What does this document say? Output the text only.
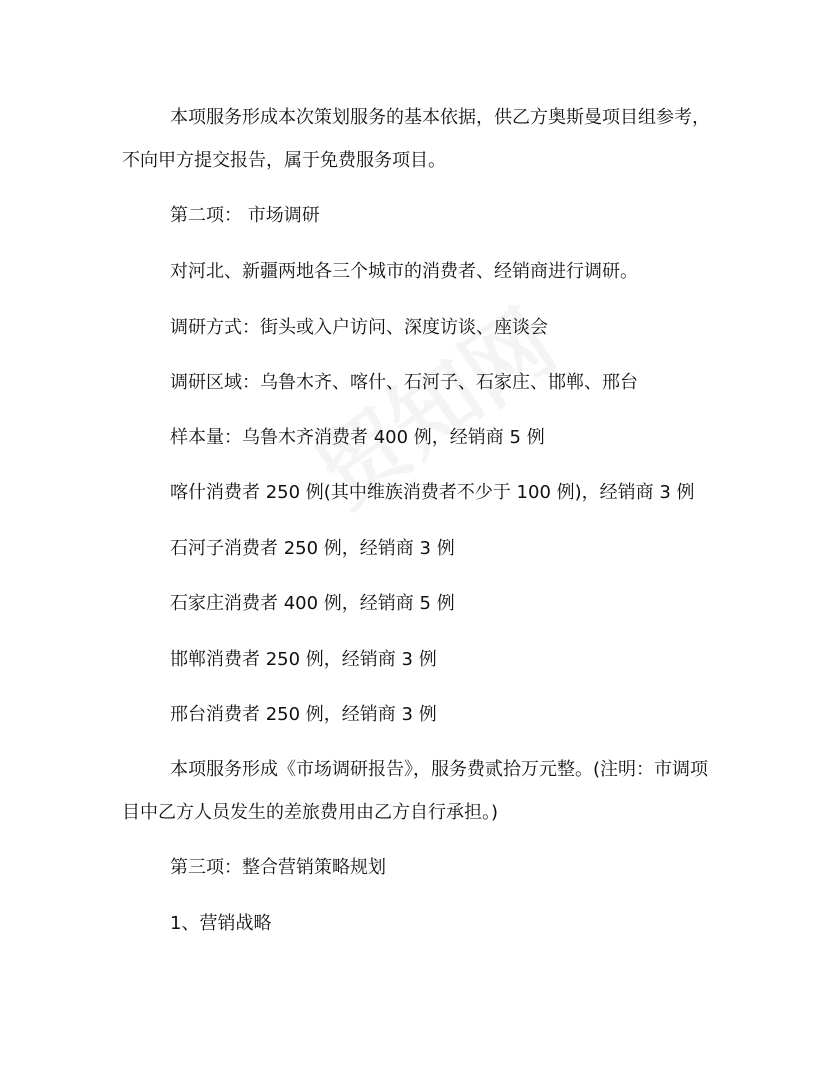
本项服务形成本次策划服务的基本依据，供乙方奥斯曼项目组参考，不向甲方提交报告，属于免费服务项目。

第二项： 市场调研

对河北、新疆两地各三个城市的消费者、经销商进行调研。

调研方式：街头或入户访问、深度访谈、座谈会

调研区域：乌鲁木齐、喀什、石河子、石家庄、邯郸、邢台

样本量：乌鲁木齐消费者 400 例，经销商 5 例

喀什消费者 250 例(其中维族消费者不少于 100 例)，经销商 3 例

石河子消费者 250 例，经销商 3 例

石家庄消费者 400 例，经销商 5 例

邯郸消费者 250 例，经销商 3 例

邢台消费者 250 例，经销商 3 例

本项服务形成《市场调研报告》，服务费贰拾万元整。(注明：市调项目中乙方人员发生的差旅费用由乙方自行承担。)

第三项：整合营销策略规划

1、营销战略
